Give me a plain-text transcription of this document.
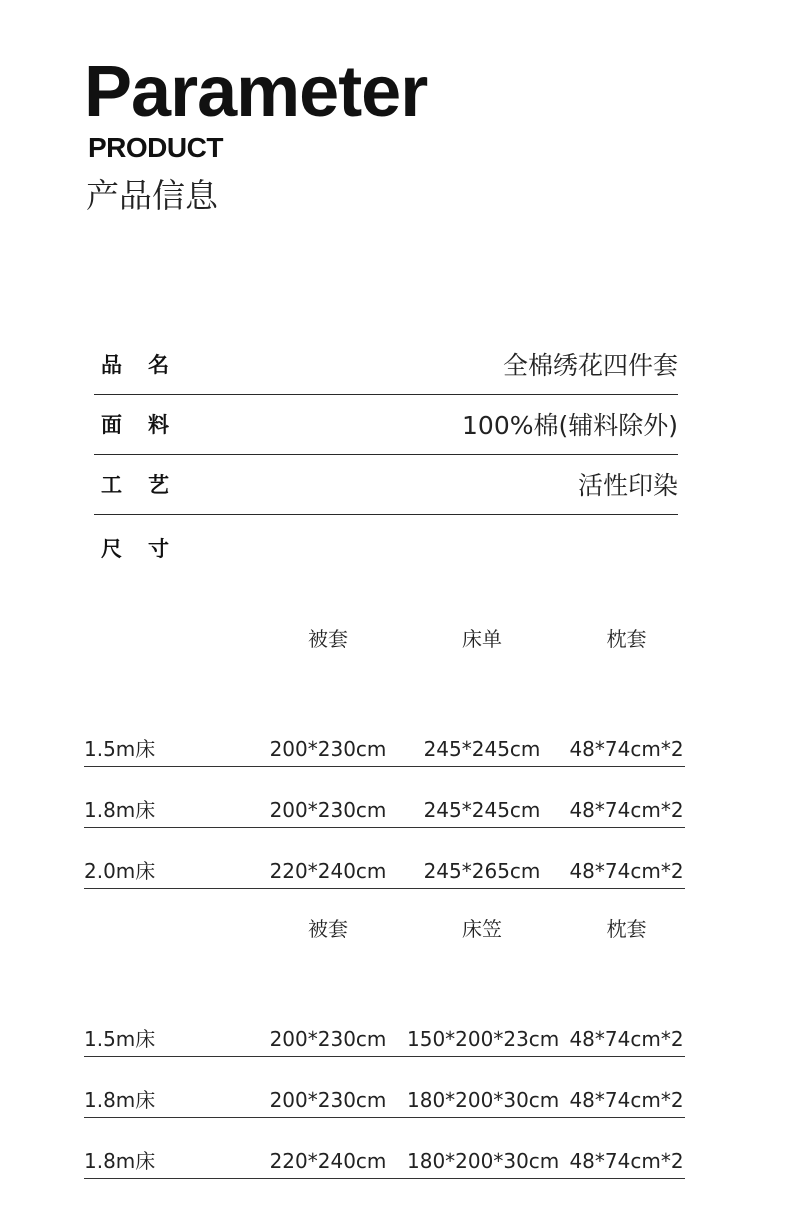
Parameter
PRODUCT
产品信息
品名	全棉绣花四件套
面料	100%棉(辅料除外)
工艺	活性印染
尺寸
被套	床单	枕套
1.5m床	200*230cm	245*245cm	48*74cm*2
1.8m床	200*230cm	245*245cm	48*74cm*2
2.0m床	220*240cm	245*265cm	48*74cm*2
被套	床笠	枕套
1.5m床	200*230cm 150*200*23cm 48*74cm*2
1.8m床	200*230cm 180*200*30cm 48*74cm*2
1.8m床	220*240cm 180*200*30cm 48*74cm*2
